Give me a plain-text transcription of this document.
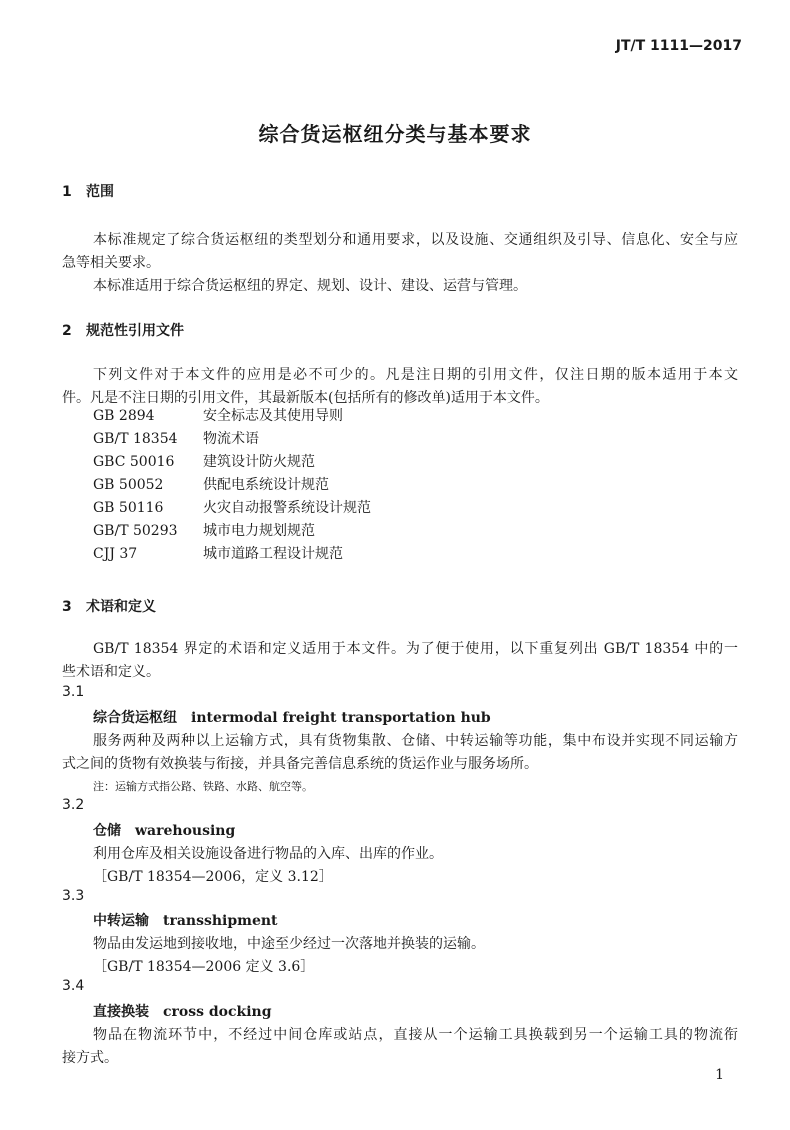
JT/T 1111—2017
综合货运枢纽分类与基本要求
1 范围
本标准规定了综合货运枢纽的类型划分和通用要求，以及设施、交通组织及引导、信息化、安全与应
急等相关要求。
本标准适用于综合货运枢纽的界定、规划、设计、建设、运营与管理。
2 规范性引用文件
下列文件对于本文件的应用是必不可少的。凡是注日期的引用文件，仅注日期的版本适用于本文
件。凡是不注日期的引用文件，其最新版本(包括所有的修改单)适用于本文件。
GB 2894	安全标志及其使用导则
GB/T 18354 物流术语
GBC 50016 建筑设计防火规范
GB 50052	供配电系统设计规范
GB 50116	火灾自动报警系统设计规范
GB/T 50293 城市电力规划规范
CJJ 37	城市道路工程设计规范
3 术语和定义
GB/T 18354 界定的术语和定义适用于本文件。为了便于使用，以下重复列出 GB/T 18354 中的一
些术语和定义。
3.1
综合货运枢纽 intermodal freight transportation hub
服务两种及两种以上运输方式，具有货物集散、仓储、中转运输等功能，集中布设并实现不同运输方
式之间的货物有效换装与衔接，并具备完善信息系统的货运作业与服务场所。
注：运输方式指公路、铁路、水路、航空等。
3.2
仓储 warehousing
利用仓库及相关设施设备进行物品的入库、出库的作业。
［GB/T 18354—2006，定义 3.12］
3.3
中转运输 transshipment
物品由发运地到接收地，中途至少经过一次落地并换装的运输。
［GB/T 18354—2006 定义 3.6］
3.4
直接换装 cross docking
物品在物流环节中，不经过中间仓库或站点，直接从一个运输工具换载到另一个运输工具的物流衔
接方式。
1
